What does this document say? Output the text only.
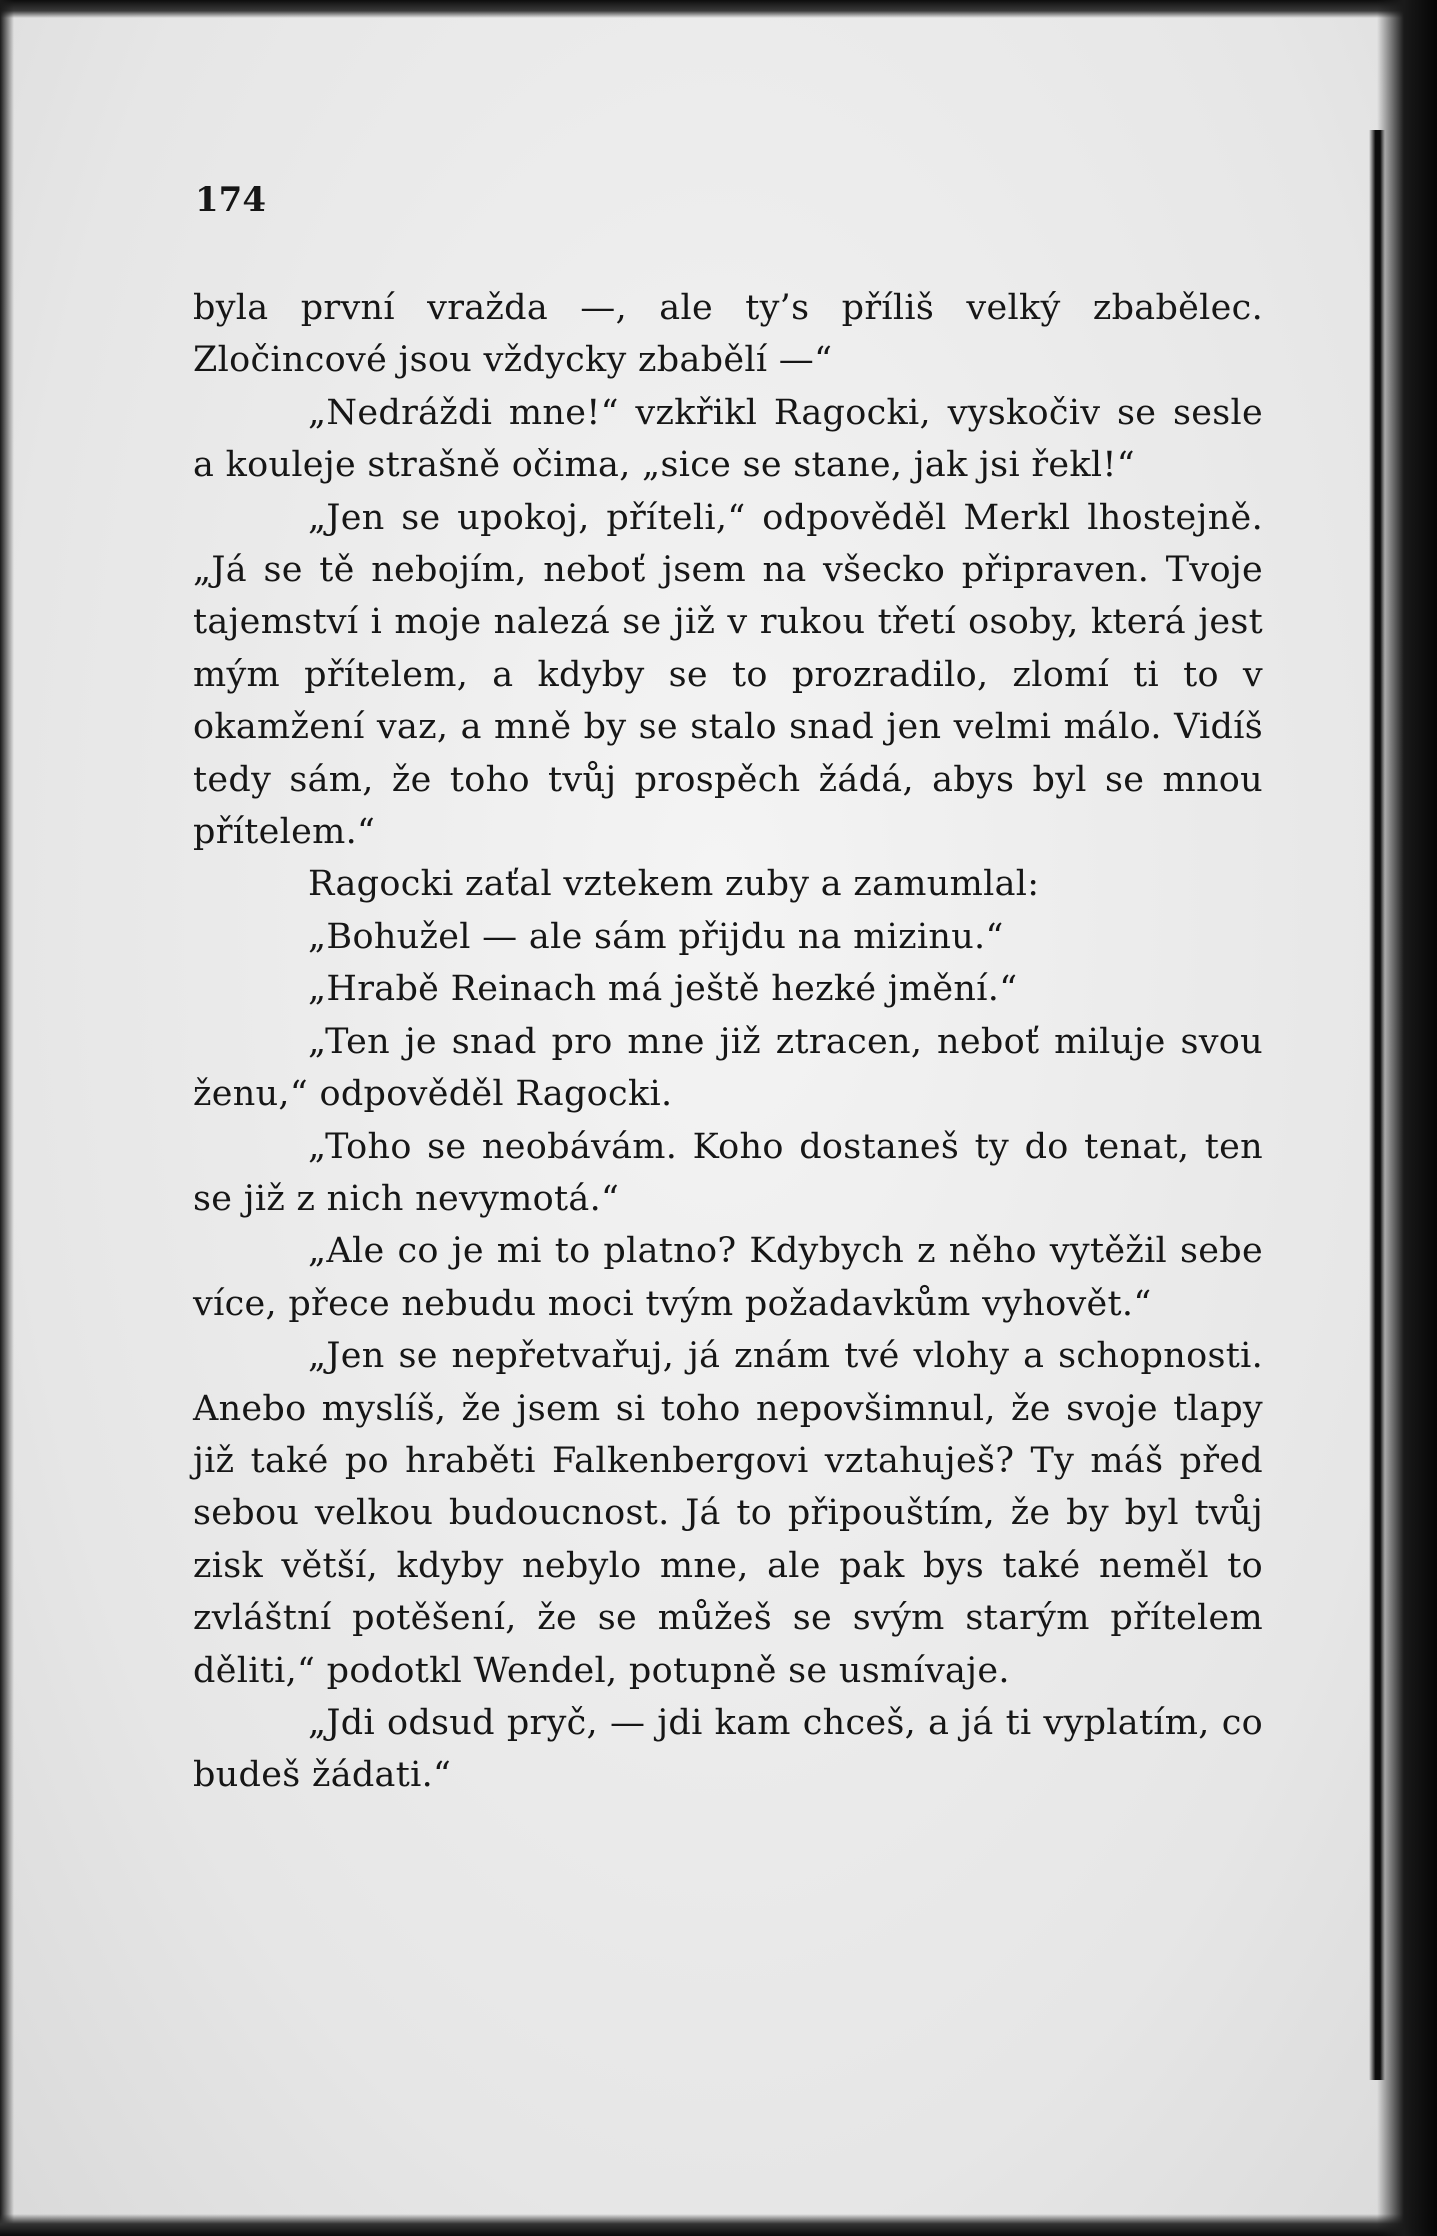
174

byla první vražda —, ale ty’s příliš velký zbabělec. Zločincové jsou vždycky zbabělí —“

„Nedráždi mne!“ vzkřikl Ragocki, vyskočiv se sesle a kouleje strašně očima, „sice se stane, jak jsi řekl!“

„Jen se upokoj, příteli,“ odpověděl Merkl lhostejně. „Já se tě nebojím, neboť jsem na všecko připraven. Tvoje tajemství i moje nalezá se již v rukou třetí osoby, která jest mým přítelem, a kdyby se to prozradilo, zlomí ti to v okamžení vaz, a mně by se stalo snad jen velmi málo. Vidíš tedy sám, že toho tvůj prospěch žádá, abys byl se mnou přítelem.“

Ragocki zaťal vztekem zuby a zamumlal:

„Bohužel — ale sám přijdu na mizinu.“

„Hrabě Reinach má ještě hezké jmění.“

„Ten je snad pro mne již ztracen, neboť miluje svou ženu,“ odpověděl Ragocki.

„Toho se neobávám. Koho dostaneš ty do tenat, ten se již z nich nevymotá.“

„Ale co je mi to platno? Kdybych z něho vytěžil sebe více, přece nebudu moci tvým požadavkům vyhovět.“

„Jen se nepřetvařuj, já znám tvé vlohy a schopnosti. Anebo myslíš, že jsem si toho nepovšimnul, že svoje tlapy již také po hraběti Falkenbergovi vztahuješ? Ty máš před sebou velkou budoucnost. Já to připouštím, že by byl tvůj zisk větší, kdyby nebylo mne, ale pak bys také neměl to zvláštní potěšení, že se můžeš se svým starým přítelem děliti,“ podotkl Wendel, potupně se usmívaje.

„Jdi odsud pryč, — jdi kam chceš, a já ti vyplatím, co budeš žádati.“
